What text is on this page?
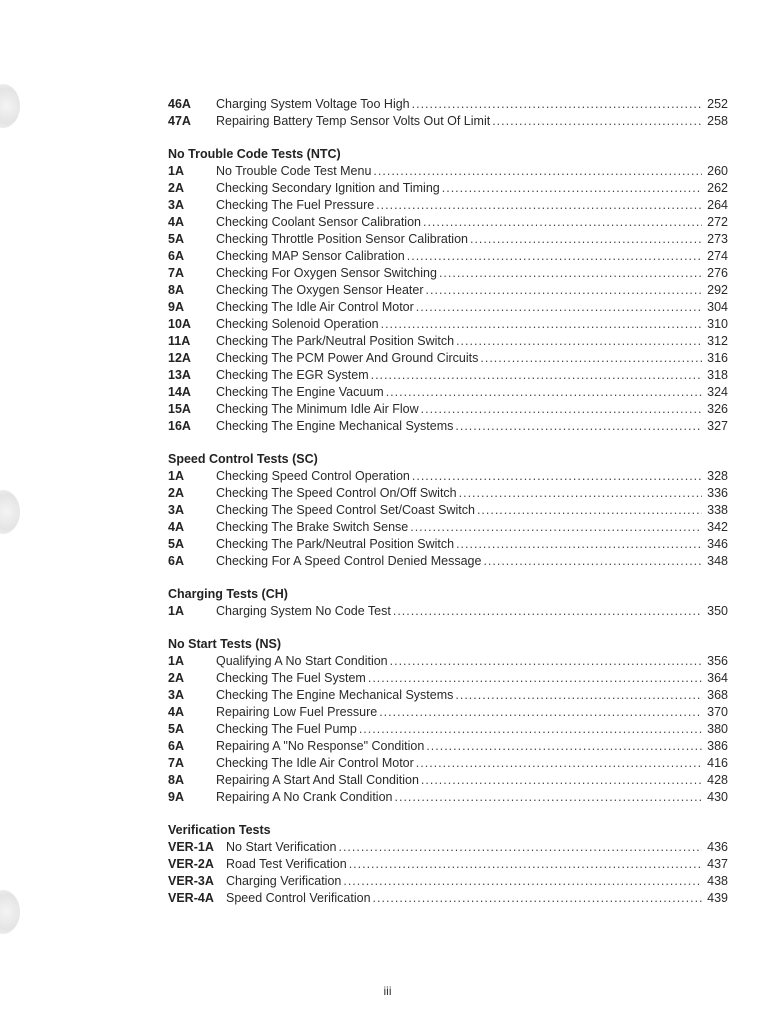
46A	Charging System Voltage Too High .....	252
47A	Repairing Battery Temp Sensor Volts Out Of Limit .....	258
No Trouble Code Tests (NTC)
1A	No Trouble Code Test Menu .....	260
2A	Checking Secondary Ignition and Timing .....	262
3A	Checking The Fuel Pressure .....	264
4A	Checking Coolant Sensor Calibration .....	272
5A	Checking Throttle Position Sensor Calibration .....	273
6A	Checking MAP Sensor Calibration .....	274
7A	Checking For Oxygen Sensor Switching .....	276
8A	Checking The Oxygen Sensor Heater .....	292
9A	Checking The Idle Air Control Motor .....	304
10A	Checking Solenoid Operation .....	310
11A	Checking The Park/Neutral Position Switch .....	312
12A	Checking The PCM Power And Ground Circuits .....	316
13A	Checking The EGR System .....	318
14A	Checking The Engine Vacuum .....	324
15A	Checking The Minimum Idle Air Flow .....	326
16A	Checking The Engine Mechanical Systems .....	327
Speed Control Tests (SC)
1A	Checking Speed Control Operation .....	328
2A	Checking The Speed Control On/Off Switch .....	336
3A	Checking The Speed Control Set/Coast Switch .....	338
4A	Checking The Brake Switch Sense .....	342
5A	Checking The Park/Neutral Position Switch .....	346
6A	Checking For A Speed Control Denied Message .....	348
Charging Tests (CH)
1A	Charging System No Code Test .....	350
No Start Tests (NS)
1A	Qualifying A No Start Condition .....	356
2A	Checking The Fuel System .....	364
3A	Checking The Engine Mechanical Systems .....	368
4A	Repairing Low Fuel Pressure .....	370
5A	Checking The Fuel Pump .....	380
6A	Repairing A "No Response" Condition .....	386
7A	Checking The Idle Air Control Motor .....	416
8A	Repairing A Start And Stall Condition .....	428
9A	Repairing A No Crank Condition .....	430
Verification Tests
VER-1A No Start Verification .....	436
VER-2A Road Test Verification .....	437
VER-3A Charging Verification .....	438
VER-4A Speed Control Verification .....	439
iii
